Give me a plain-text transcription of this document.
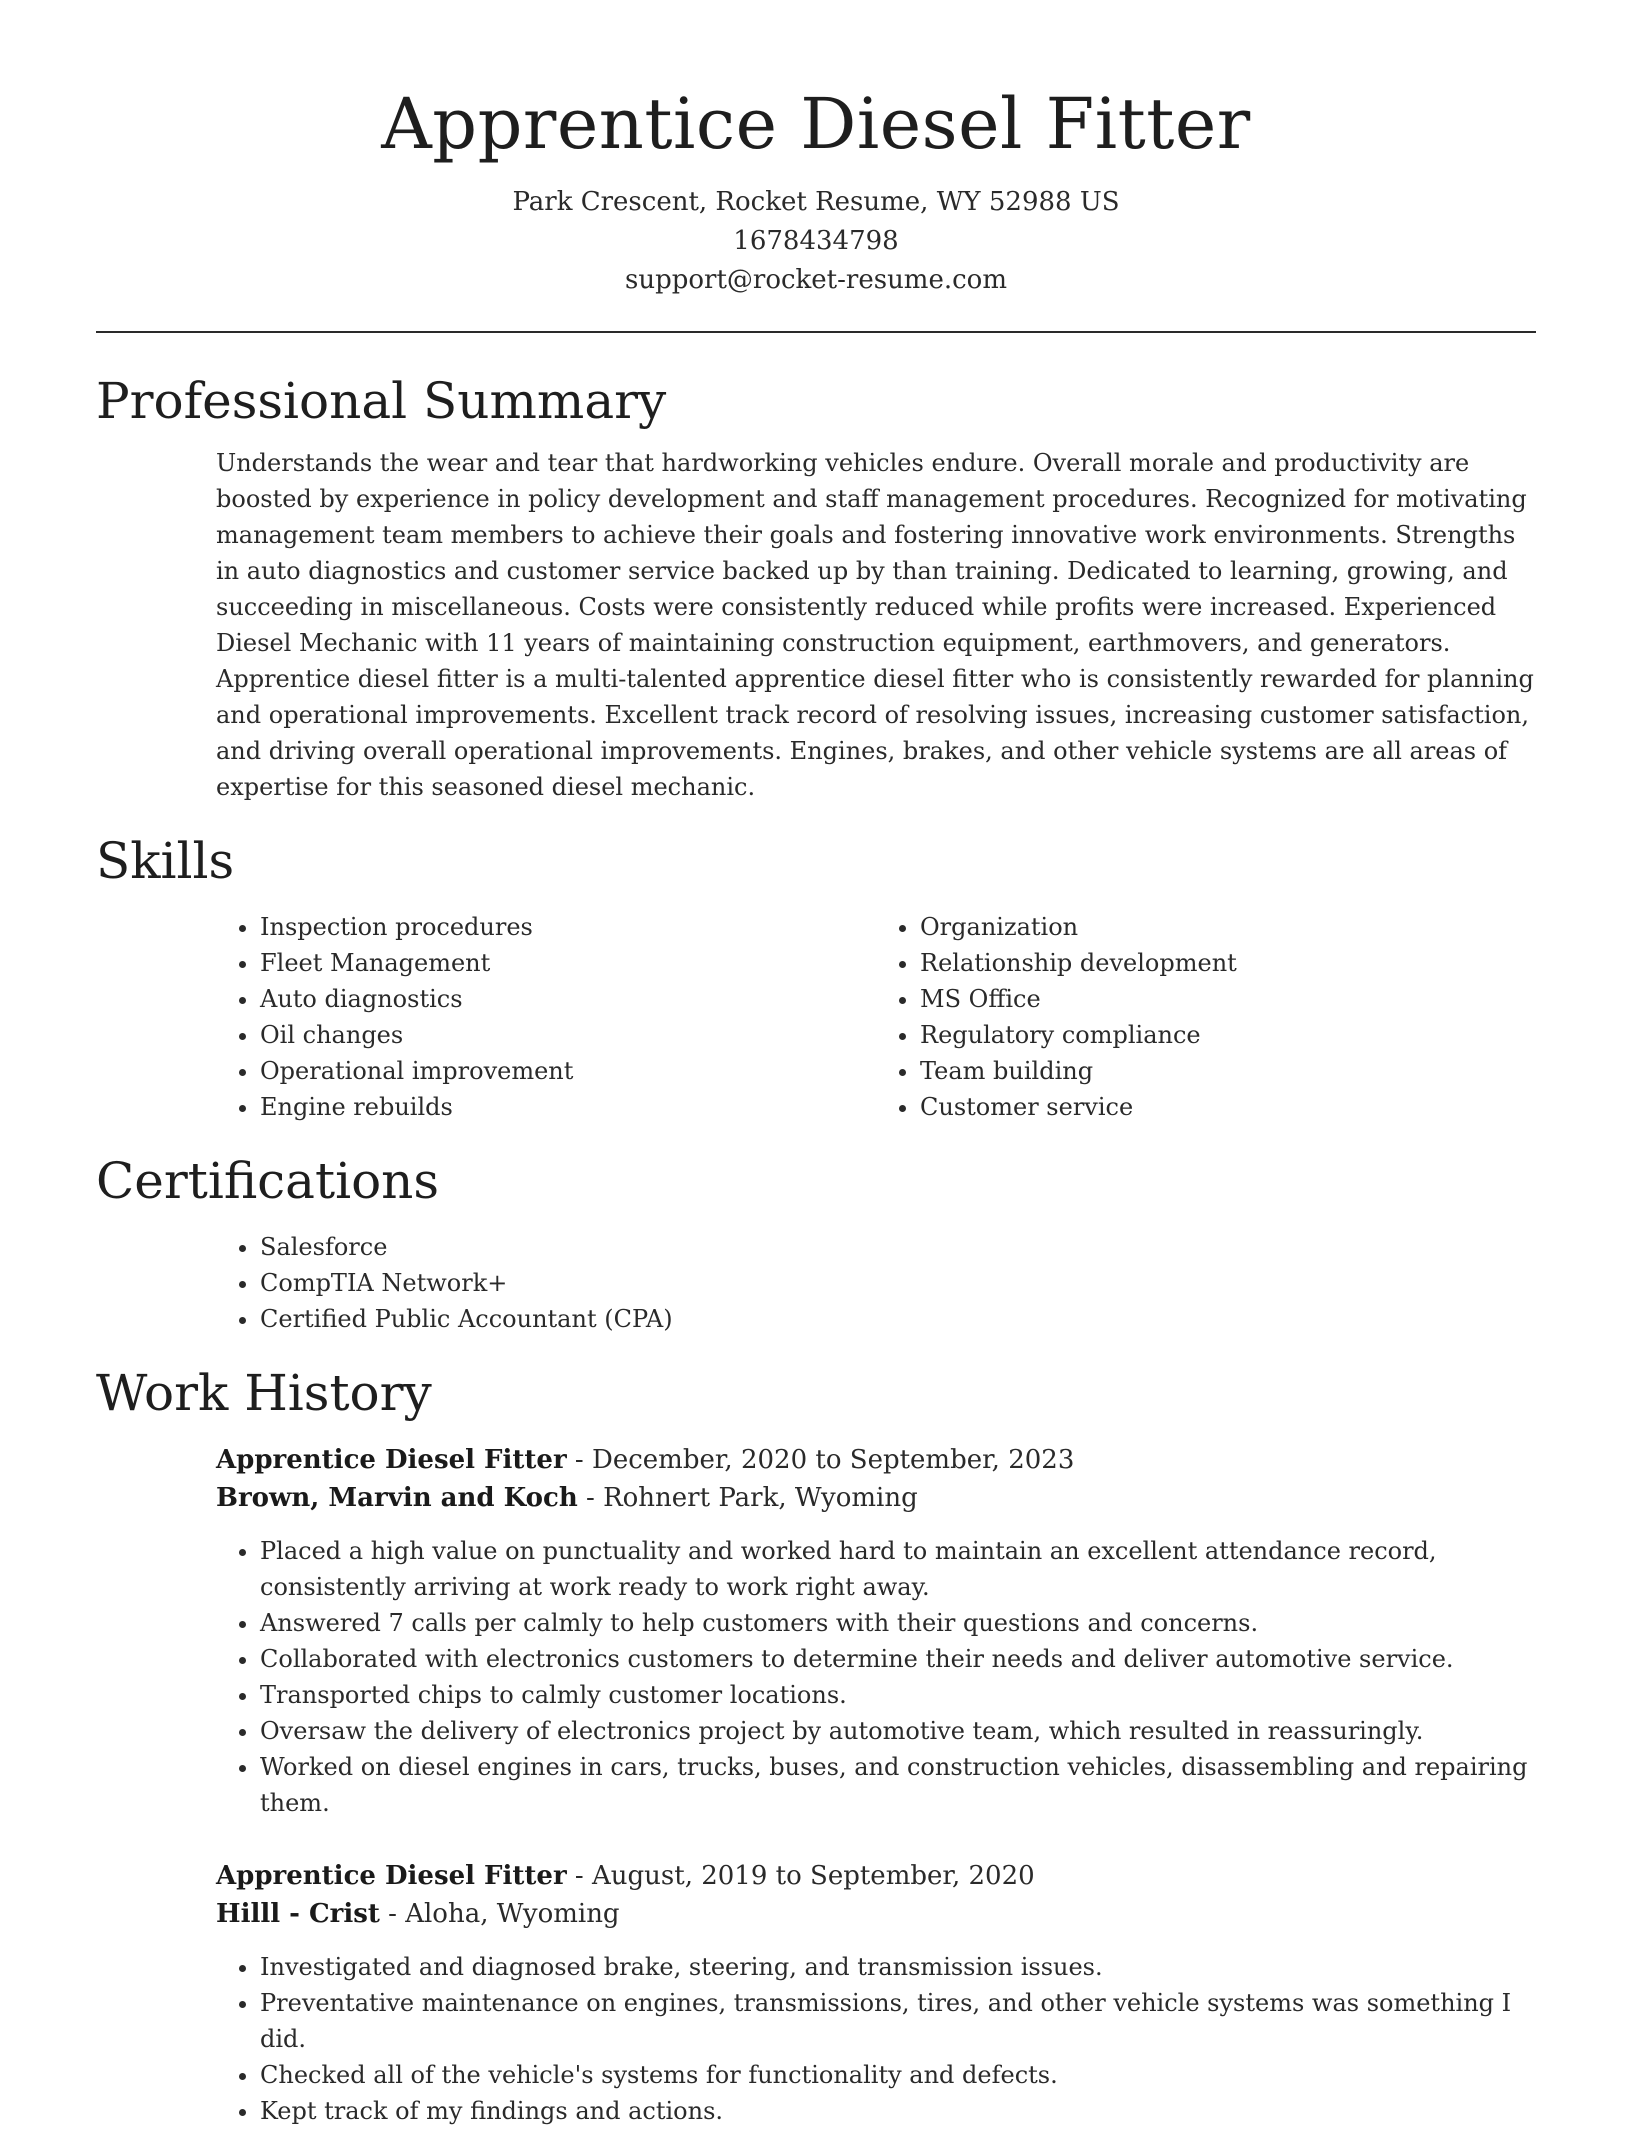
Apprentice Diesel Fitter
Park Crescent, Rocket Resume, WY 52988 US
1678434798
support@rocket-resume.com
Professional Summary

Understands the wear and tear that hardworking vehicles endure. Overall morale and productivity are boosted by experience in policy development and staff management procedures. Recognized for motivating management team members to achieve their goals and fostering innovative work environments. Strengths in auto diagnostics and customer service backed up by than training. Dedicated to learning, growing, and succeeding in miscellaneous. Costs were consistently reduced while profits were increased. Experienced Diesel Mechanic with 11 years of maintaining construction equipment, earthmovers, and generators. Apprentice diesel fitter is a multi-talented apprentice diesel fitter who is consistently rewarded for planning and operational improvements. Excellent track record of resolving issues, increasing customer satisfaction, and driving overall operational improvements. Engines, brakes, and other vehicle systems are all areas of expertise for this seasoned diesel mechanic.

Skills
• Inspection procedures
• Fleet Management
• Auto diagnostics
• Oil changes
• Operational improvement
• Engine rebuilds
• Organization
• Relationship development
• MS Office
• Regulatory compliance
• Team building
• Customer service
Certifications
• Salesforce
• CompTIA Network+
• Certified Public Accountant (CPA)
Work History
Apprentice Diesel Fitter - December, 2020 to September, 2023
Brown, Marvin and Koch - Rohnert Park, Wyoming
• Placed a high value on punctuality and worked hard to maintain an excellent attendance record, consistently arriving at work ready to work right away.
• Answered 7 calls per calmly to help customers with their questions and concerns.
• Collaborated with electronics customers to determine their needs and deliver automotive service.
• Transported chips to calmly customer locations.
• Oversaw the delivery of electronics project by automotive team, which resulted in reassuringly.
• Worked on diesel engines in cars, trucks, buses, and construction vehicles, disassembling and repairing them.
Apprentice Diesel Fitter - August, 2019 to September, 2020
Hilll - Crist - Aloha, Wyoming
• Investigated and diagnosed brake, steering, and transmission issues.
• Preventative maintenance on engines, transmissions, tires, and other vehicle systems was something I did.
• Checked all of the vehicle's systems for functionality and defects.
• Kept track of my findings and actions.
